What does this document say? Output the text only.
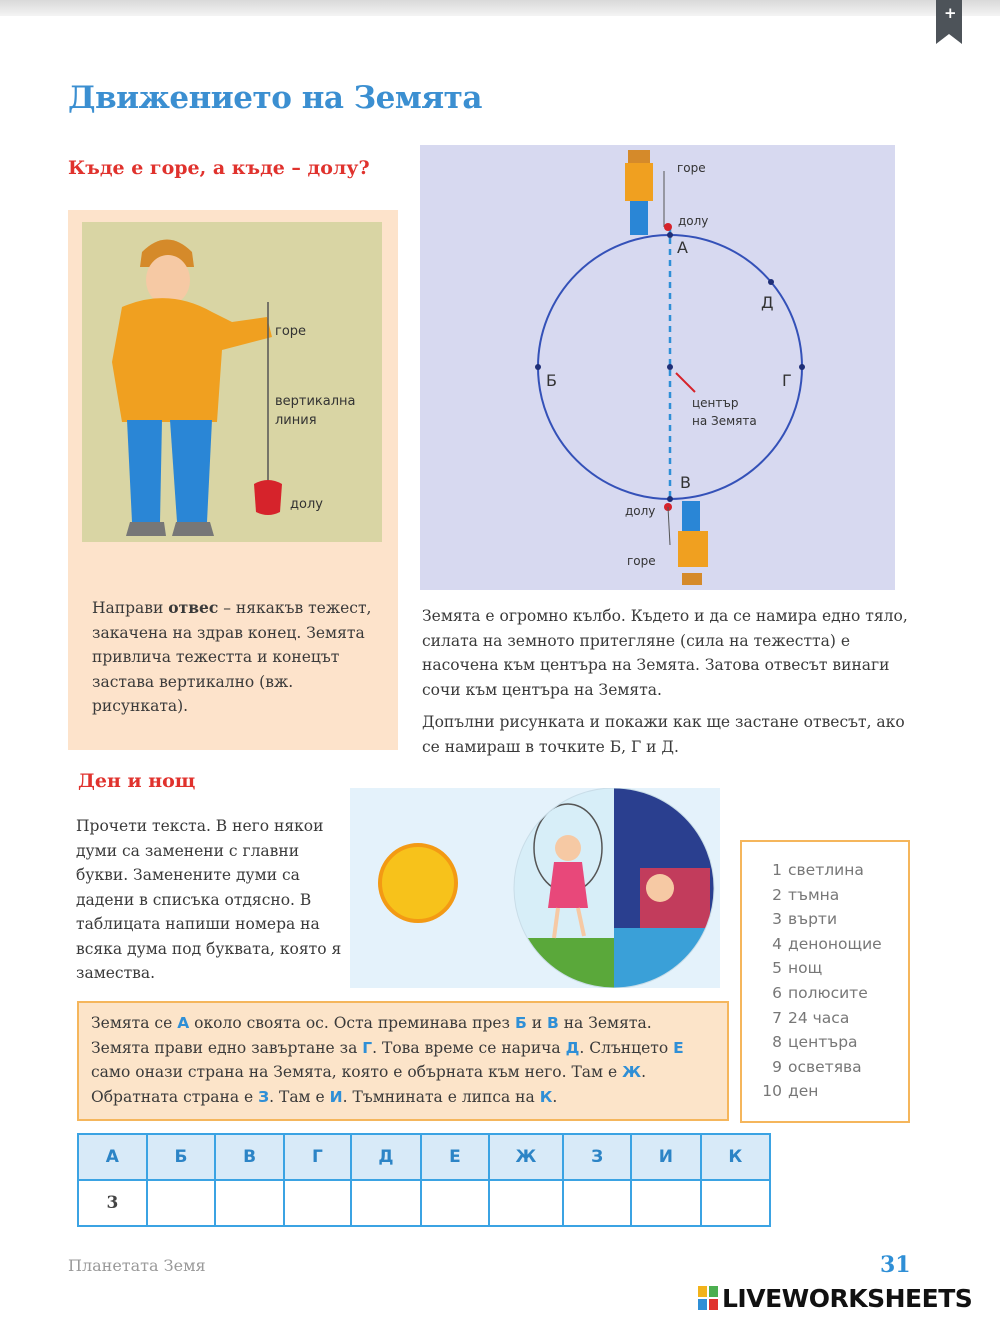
+
Движението на Земята
Къде е горе, а къде – долу?
горе
вертикална
линия
долу

Направи отвес – някакъв тежест, закачена на здрав конец. Земята привлича тежестта и конецът застава вертикално (вж. рисунката).

горе
долу
А
Д
Б	Г
център
на Земята
В
долу
горе

Земята е огромно кълбо. Където и да се намира едно тяло, силата на земното притегляне (сила на тежестта) е насочена към центъра на Земята. Затова отвесът винаги сочи към центъра на Земята.

Допълни рисунката и покажи как ще застане отвесът, ако се намираш в точките Б, Г и Д.

Ден и нощ

Прочети текста. В него някои думи са заменени с главни букви. Заменените думи са дадени в списъка отдясно. В таблицата напиши номера на всяка дума под буквата, която я замества.

1 светлина
2 тъмна
3 върти
4 денонощие
5 нощ
6 полюсите
7 24 часа
8 центъра
9 осветява
10 ден
Земята се А около своята ос. Оста преминава през Б и В на Земята. Земята прави едно завъртане за Г. Това време се нарича Д. Слънцето Е само онази страна на Земята, която е обърната към него. Там е Ж. Обратната страна е З. Там е И. Тъмнината е липса на К.
А	Б	В	Г	Д	Е	Ж	З	И	К
3									
Планетата Земя	31
LIVEWORKSHEETS
